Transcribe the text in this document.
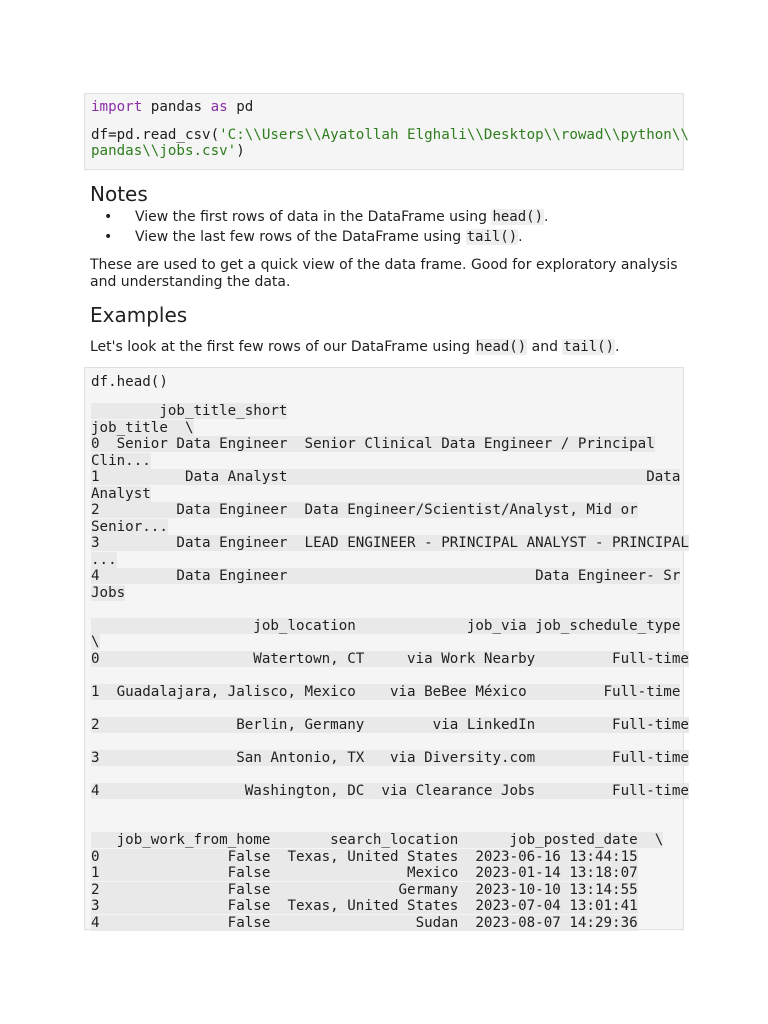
import pandas as pd
df=pd.read_csv('C:\\Users\\Ayatollah Elghali\\Desktop\\rowad\\python\\
pandas\\jobs.csv')
Notes
• View the first rows of data in the DataFrame using head().
• View the last few rows of the DataFrame using tail().

These are used to get a quick view of the data frame. Good for exploratory analysis and understanding the data.

Examples

Let's look at the first few rows of our DataFrame using head() and tail().

df.head()
job_title_short
job_title  \
0  Senior Data Engineer  Senior Clinical Data Engineer / Principal
Clin...
1          Data Analyst                                          Data
Analyst
2         Data Engineer  Data Engineer/Scientist/Analyst, Mid or
Senior...
3         Data Engineer  LEAD ENGINEER - PRINCIPAL ANALYST - PRINCIPAL
...
4         Data Engineer                             Data Engineer- Sr
Jobs

job_location             job_via job_schedule_type
\
0                  Watertown, CT     via Work Nearby         Full-time

1  Guadalajara, Jalisco, Mexico    via BeBee México         Full-time

2                Berlin, Germany        via LinkedIn         Full-time

3                San Antonio, TX   via Diversity.com         Full-time

4                 Washington, DC  via Clearance Jobs         Full-time

job_work_from_home       search_location      job_posted_date  \
0               False  Texas, United States  2023-06-16 13:44:15
1               False                Mexico  2023-01-14 13:18:07
2               False               Germany  2023-10-10 13:14:55
3               False  Texas, United States  2023-07-04 13:01:41
4               False                 Sudan  2023-08-07 14:29:36
